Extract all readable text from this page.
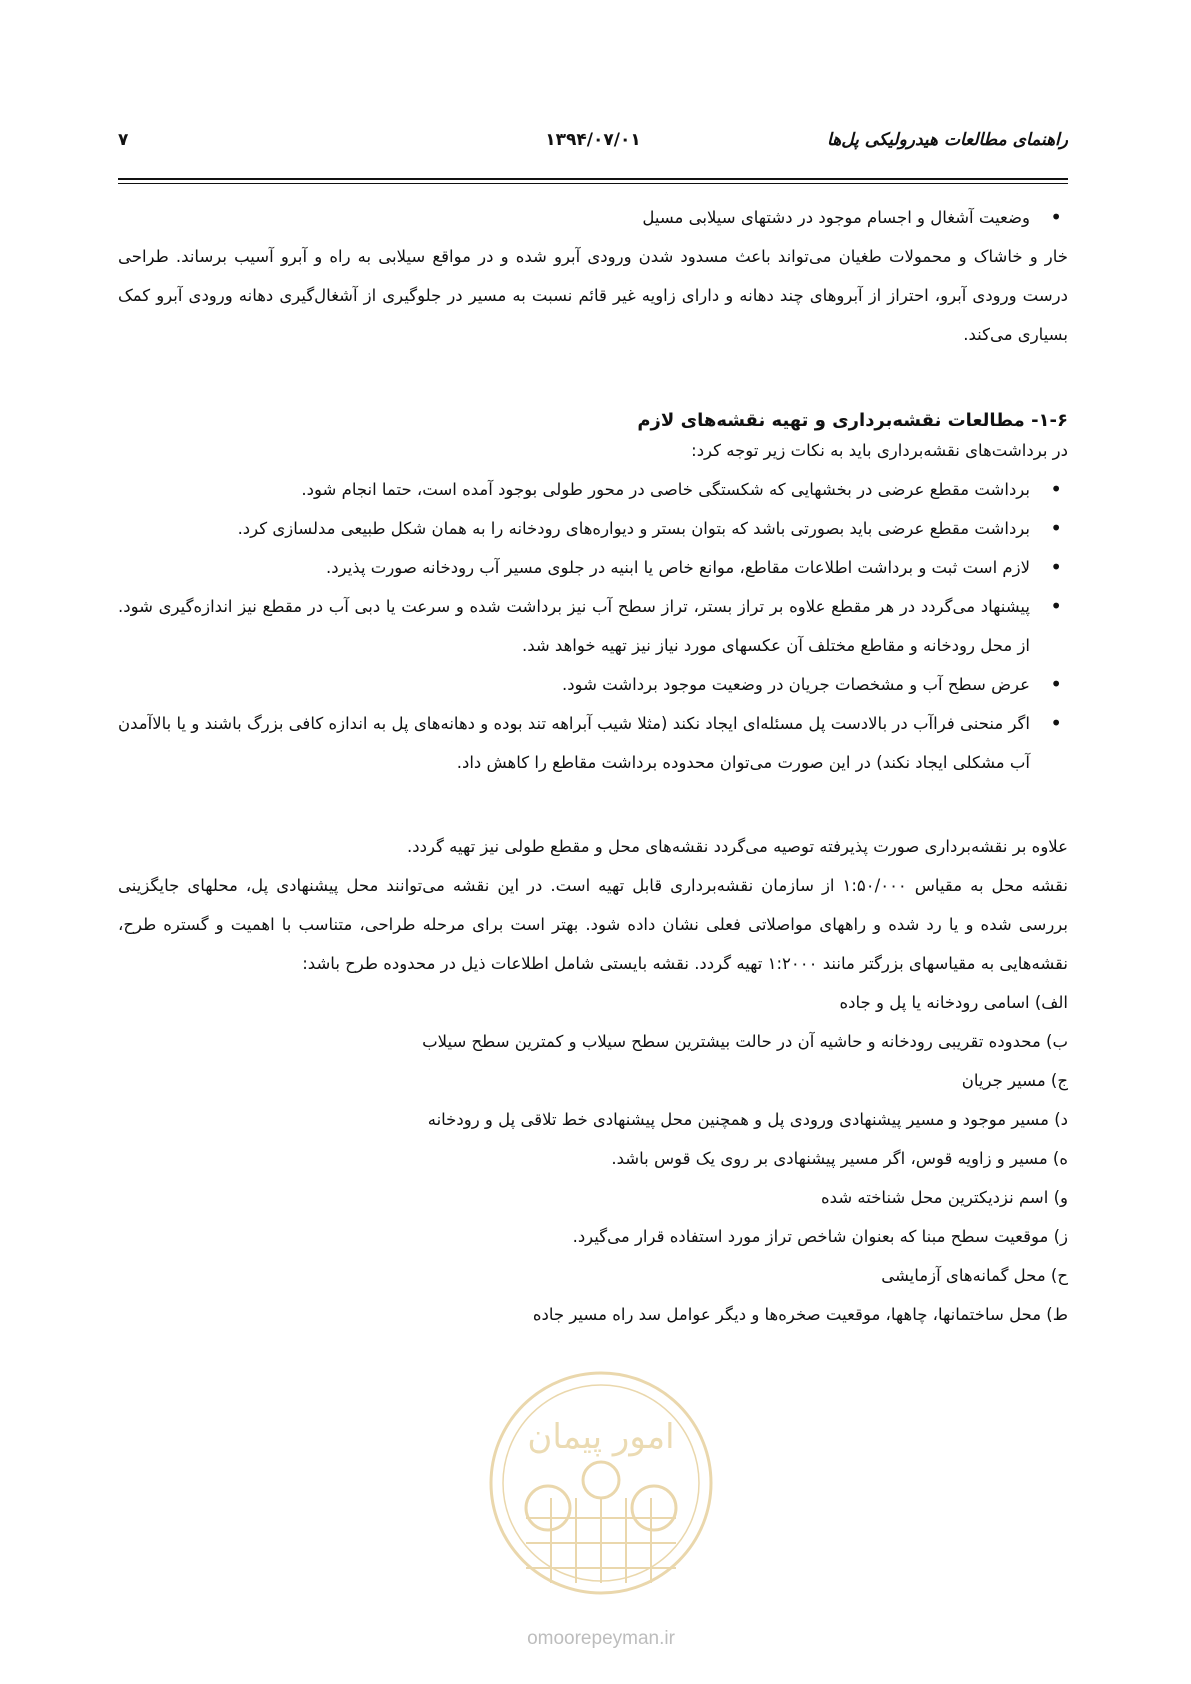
۷	۱۳۹۴/۰۷/۰۱	راهنمای مطالعات هیدرولیکی پل‌ها
• وضعیت آشغال و اجسام موجود در دشتهای سیلابی مسیل
خار و خاشاک و محمولات طغیان می‌تواند باعث مسدود شدن ورودی آبرو شده و در مواقع سیلابی به راه و آبرو آسیب برساند. طراحی درست ورودی آبرو، احتراز از آبروهای چند دهانه و دارای زاویه غیر قائم نسبت به مسیر در جلوگیری از آشغال‌گیری دهانه ورودی آبرو کمک بسیاری می‌کند.
۱-۶- مطالعات نقشه‌برداری و تهیه نقشه‌های لازم
در برداشت‌های نقشه‌برداری باید به نکات زیر توجه کرد:
• برداشت مقطع عرضی در بخشهایی که شکستگی خاصی در محور طولی بوجود آمده است، حتما انجام شود.
• برداشت مقطع عرضی باید بصورتی باشد که بتوان بستر و دیواره‌های رودخانه را به همان شکل طبیعی مدلسازی کرد.
• لازم است ثبت و برداشت اطلاعات مقاطع، موانع خاص یا ابنیه در جلوی مسیر آب رودخانه صورت پذیرد.
• پیشنهاد می‌گردد در هر مقطع علاوه بر تراز بستر، تراز سطح آب نیز برداشت شده و سرعت یا دبی آب در مقطع نیز اندازه‌گیری شود. از محل رودخانه و مقاطع مختلف آن عکسهای مورد نیاز نیز تهیه خواهد شد.
• عرض سطح آب و مشخصات جریان در وضعیت موجود برداشت شود.
• اگر منحنی فراآب در بالادست پل مسئله‌ای ایجاد نکند (مثلا شیب آبراهه تند بوده و دهانه‌های پل به اندازه کافی بزرگ باشند و یا بالاآمدن آب مشکلی ایجاد نکند) در این صورت می‌توان محدوده برداشت مقاطع را کاهش داد.
علاوه بر نقشه‌برداری صورت پذیرفته توصیه می‌گردد نقشه‌های محل و مقطع طولی نیز تهیه گردد.
نقشه محل به مقیاس ۱:۵۰/۰۰۰ از سازمان نقشه‌برداری قابل تهیه است. در این نقشه می‌توانند محل پیشنهادی پل، محلهای جایگزینی بررسی شده و یا رد شده و راههای مواصلاتی فعلی نشان داده شود. بهتر است برای مرحله طراحی، متناسب با اهمیت و گستره طرح، نقشه‌هایی به مقیاسهای بزرگتر مانند ۱:۲۰۰۰ تهیه گردد. نقشه بایستی شامل اطلاعات ذیل در محدوده طرح باشد:
الف) اسامی رودخانه یا پل و جاده
ب) محدوده تقریبی رودخانه و حاشیه آن در حالت بیشترین سطح سیلاب و کمترین سطح سیلاب
ج) مسیر جریان
د) مسیر موجود و مسیر پیشنهادی ورودی پل و همچنین محل پیشنهادی خط تلاقی پل و رودخانه
ه) مسیر و زاویه قوس، اگر مسیر پیشنهادی بر روی یک قوس باشد.
و) اسم نزدیکترین محل شناخته شده
ز) موقعیت سطح مبنا که بعنوان شاخص تراز مورد استفاده قرار می‌گیرد.
ح) محل گمانه‌های آزمایشی
ط) محل ساختمانها، چاهها، موقعیت صخره‌ها و دیگر عوامل سد راه مسیر جاده
امور پیمان
omoorepeyman.ir
